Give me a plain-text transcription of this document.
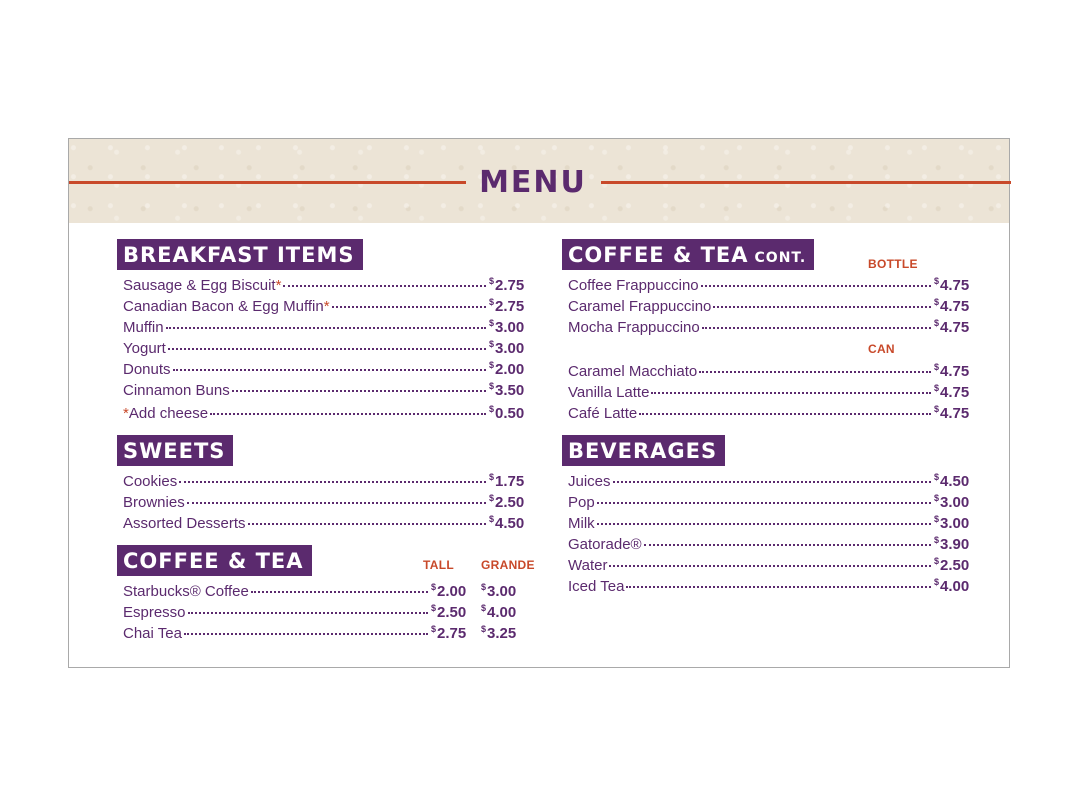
MENU
BREAKFAST ITEMS
Sausage & Egg Biscuit*	$2.75
Canadian Bacon & Egg Muffin*	$2.75
Muffin	$3.00
Yogurt	$3.00
Donuts	$2.00
Cinnamon Buns	$3.50
*Add cheese	$0.50
SWEETS
Cookies	$1.75
Brownies	$2.50
Assorted Desserts	$4.50
COFFEE & TEA	TALL GRANDE
Starbucks® Coffee	$2.00	$3.00
Espresso	$2.50	$4.00
Chai Tea	$2.75	$3.25
COFFEE & TEA CONT.	BOTTLE
Coffee Frappuccino	$4.75
Caramel Frappuccino	$4.75
Mocha Frappuccino	$4.75
CAN
Caramel Macchiato	$4.75
Vanilla Latte	$4.75
Café Latte	$4.75
BEVERAGES
Juices	$4.50
Pop	$3.00
Milk	$3.00
Gatorade®	$3.90
Water	$2.50
Iced Tea	$4.00
